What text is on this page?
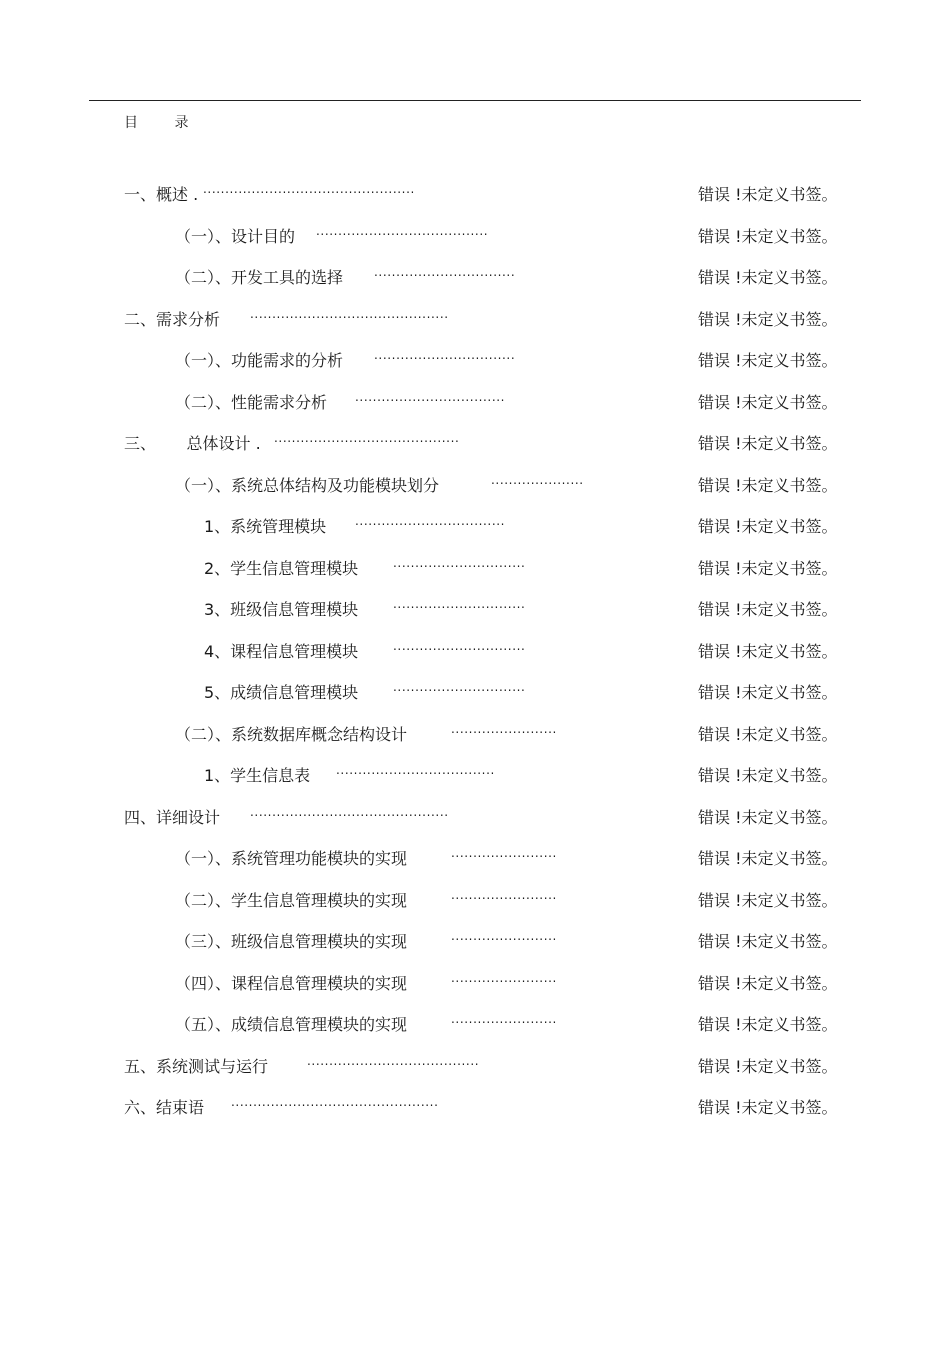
目 录
一、概述 . ................................................	错误 !未定义书签。
（一）、设计目的 .......................................	错误 !未定义书签。
（二）、开发工具的选择	................................	错误 !未定义书签。
二、需求分析 .............................................	错误 !未定义书签。
（一）、功能需求的分析	................................	错误 !未定义书签。
（二）、性能需求分析 ..................................	错误 !未定义书签。
三、      总体设计 . ..........................................	错误 !未定义书签。
（一）、系统总体结构及功能模块划分	.....................	错误 !未定义书签。
1、系统管理模块 ..................................	错误 !未定义书签。
2、学生信息管理模块	..............................	错误 !未定义书签。
3、班级信息管理模块	..............................	错误 !未定义书签。
4、课程信息管理模块	..............................	错误 !未定义书签。
5、成绩信息管理模块	..............................	错误 !未定义书签。
（二）、系统数据库概念结构设计	........................	错误 !未定义书签。
1、学生信息表 ....................................	错误 !未定义书签。
四、详细设计 .............................................	错误 !未定义书签。
（一）、系统管理功能模块的实现	........................	错误 !未定义书签。
（二）、学生信息管理模块的实现	........................	错误 !未定义书签。
（三）、班级信息管理模块的实现	........................	错误 !未定义书签。
（四）、课程信息管理模块的实现	........................	错误 !未定义书签。
（五）、成绩信息管理模块的实现	........................	错误 !未定义书签。
五、系统测试与运行	.......................................	错误 !未定义书签。
六、结束语 ...............................................	错误 !未定义书签。
